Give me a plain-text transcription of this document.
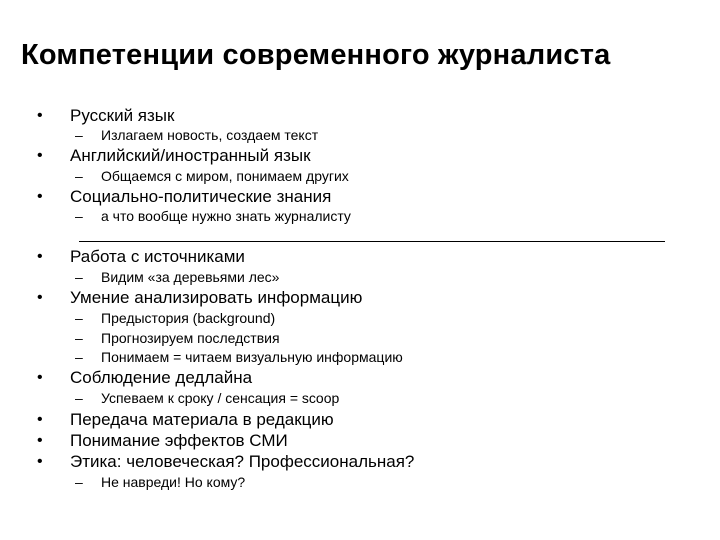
Компетенции современного журналиста
• Русский язык
– Излагаем новость, создаем текст
• Английский/иностранный язык
– Общаемся с миром, понимаем других
• Социально-политические знания
– а что вообще нужно знать журналисту
• Работа с источниками
– Видим «за деревьями лес»
• Умение анализировать информацию
– Предыстория (background)
– Прогнозируем последствия
– Понимаем = читаем визуальную информацию
• Соблюдение дедлайна
– Успеваем к сроку / сенсация = scoop
• Передача материала в редакцию
• Понимание эффектов СМИ
• Этика: человеческая? Профессиональная?
– Не навреди! Но кому?
